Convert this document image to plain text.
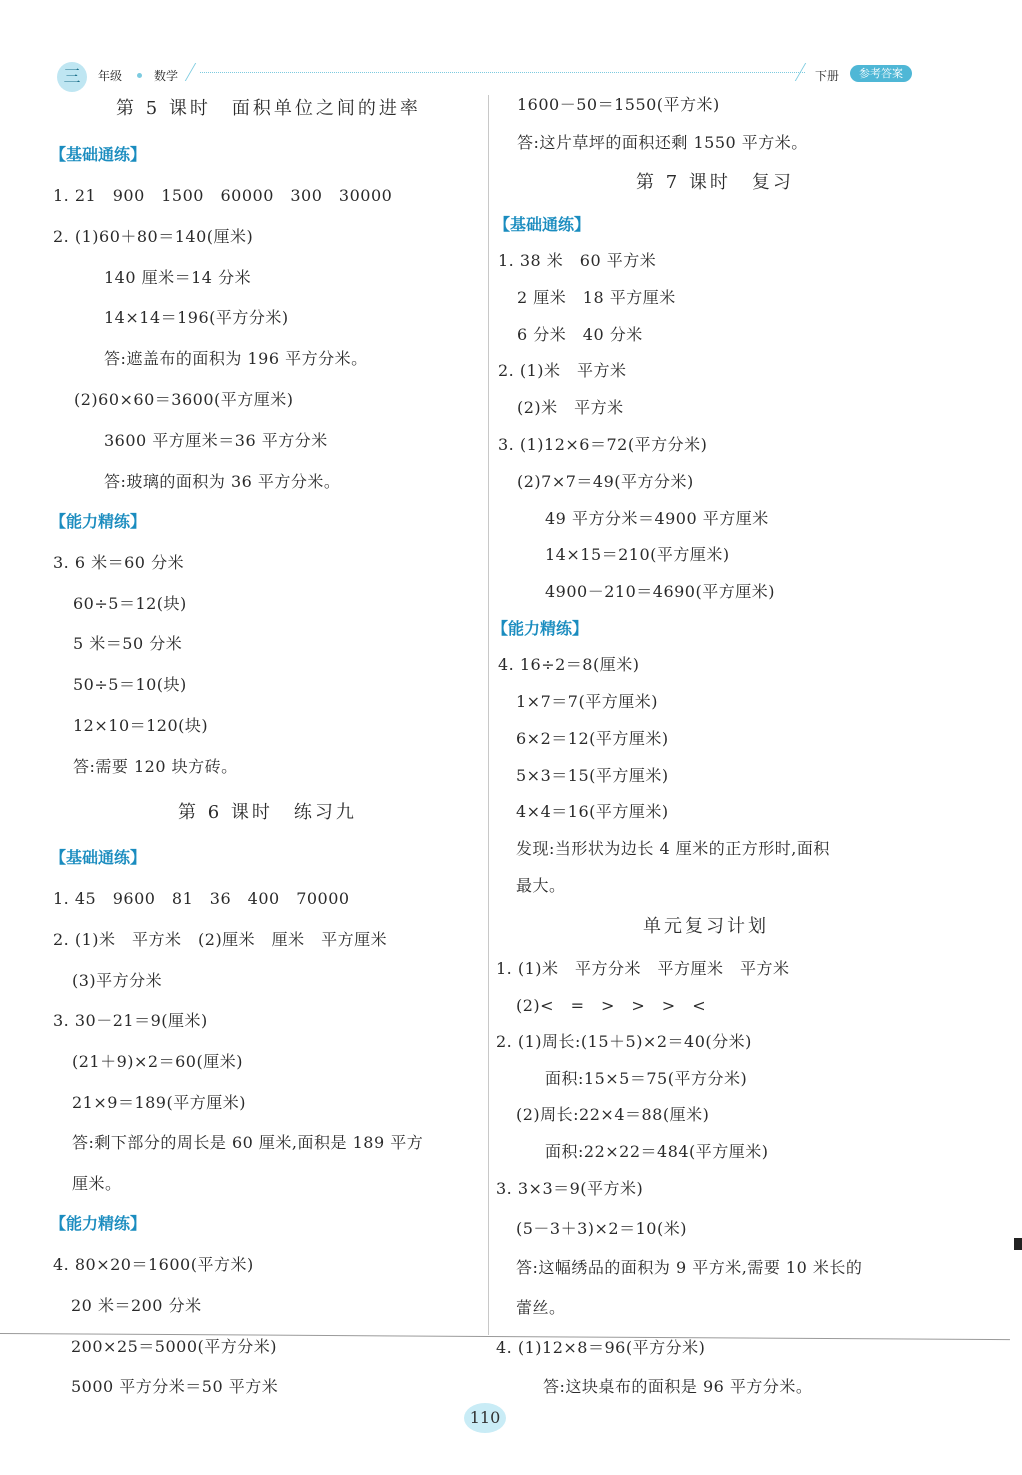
三	年级	数学	下册	参考答案
第 5 课时　面积单位之间的进率
【基础通练】
1. 21　900　1500　60000　300　30000
2. (1)60＋80＝140(厘米)
140 厘米＝14 分米
14×14＝196(平方分米)
答:遮盖布的面积为 196 平方分米。
(2)60×60＝3600(平方厘米)
3600 平方厘米＝36 平方分米
答:玻璃的面积为 36 平方分米。
【能力精练】
3. 6 米＝60 分米
60÷5＝12(块)
5 米＝50 分米
50÷5＝10(块)
12×10＝120(块)
答:需要 120 块方砖。
第 6 课时　练习九
【基础通练】
1. 45　9600　81　36　400　70000
2. (1)米　平方米　(2)厘米　厘米　平方厘米
(3)平方分米
3. 30－21＝9(厘米)
(21＋9)×2＝60(厘米)
21×9＝189(平方厘米)
答:剩下部分的周长是 60 厘米,面积是 189 平方
厘米。
【能力精练】
4. 80×20＝1600(平方米)
20 米＝200 分米
200×25＝5000(平方分米)
5000 平方分米＝50 平方米
1600－50＝1550(平方米)
答:这片草坪的面积还剩 1550 平方米。
第 7 课时　复习
【基础通练】
1. 38 米　60 平方米
2 厘米　18 平方厘米
6 分米　40 分米
2. (1)米　平方米
(2)米　平方米
3. (1)12×6＝72(平方分米)
(2)7×7＝49(平方分米)
49 平方分米＝4900 平方厘米
14×15＝210(平方厘米)
4900－210＝4690(平方厘米)
【能力精练】
4. 16÷2＝8(厘米)
1×7＝7(平方厘米)
6×2＝12(平方厘米)
5×3＝15(平方厘米)
4×4＝16(平方厘米)
发现:当形状为边长 4 厘米的正方形时,面积
最大。
单元复习计划
1. (1)米　平方分米　平方厘米　平方米
(2)<　=　>　>　>　<
2. (1)周长:(15＋5)×2＝40(分米)
面积:15×5＝75(平方分米)
(2)周长:22×4＝88(厘米)
面积:22×22＝484(平方厘米)
3. 3×3＝9(平方米)
(5－3＋3)×2＝10(米)
答:这幅绣品的面积为 9 平方米,需要 10 米长的
蕾丝。
4. (1)12×8＝96(平方分米)
答:这块桌布的面积是 96 平方分米。
110
